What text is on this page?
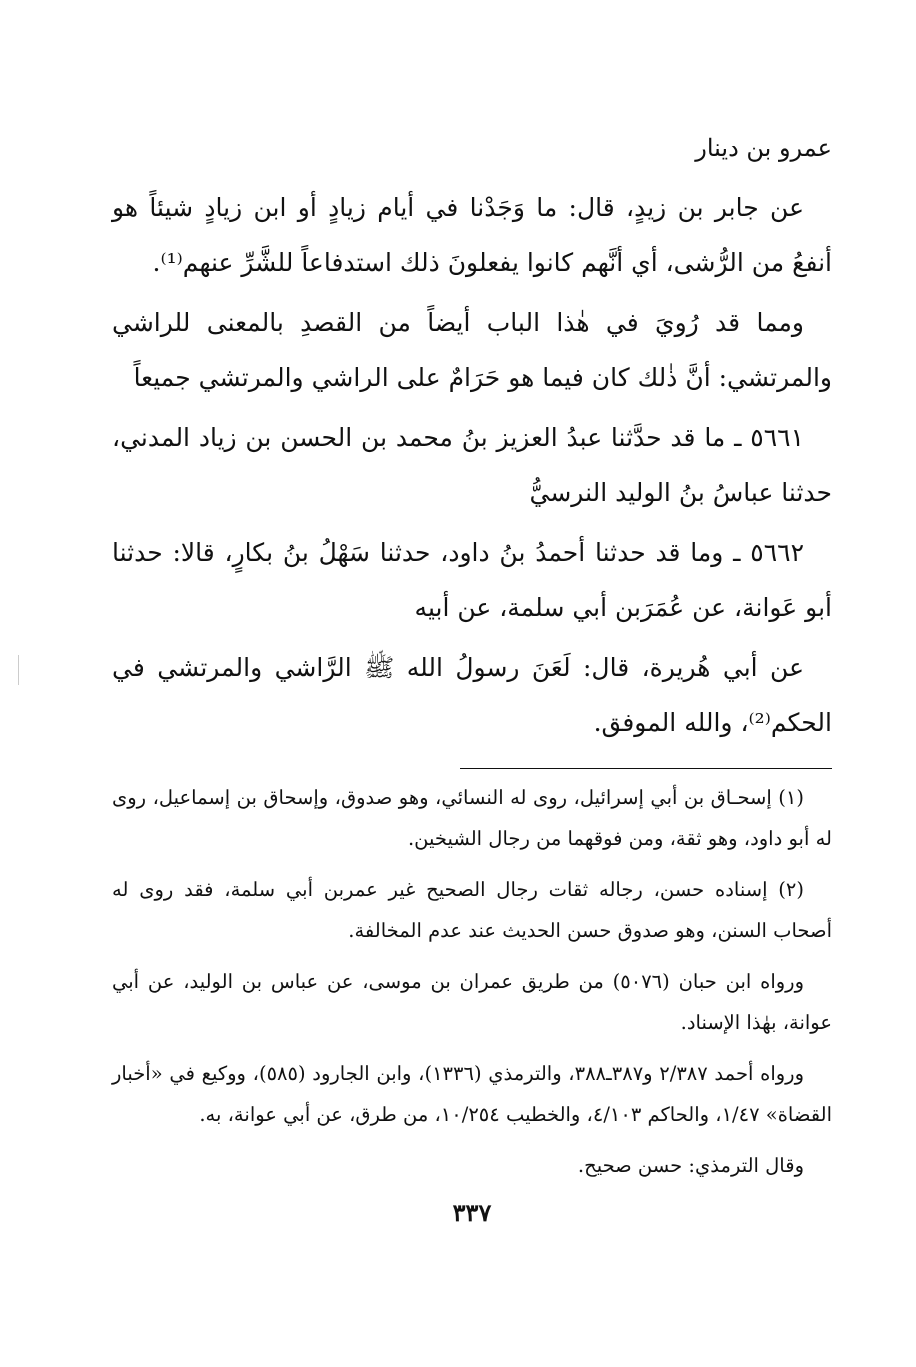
عمرو بن دينار

عن جابر بن زيدٍ، قال: ما وَجَدْنا في أيام زيادٍ أو ابن زيادٍ شيئاً هو أنفعُ من الرُّشى، أي أنَّهم كانوا يفعلونَ ذلك استدفاعاً للشَّرِّ عنهم⁽¹⁾.

ومما قد رُويَ في هٰذا الباب أيضاً من القصدِ بالمعنى للراشي والمرتشي: أنَّ ذٰلك كان فيما هو حَرَامٌ على الراشي والمرتشي جميعاً

٥٦٦١ ـ ما قد حدَّثنا عبدُ العزيز بنُ محمد بن الحسن بن زياد المدني، حدثنا عباسُ بنُ الوليد النرسيُّ

٥٦٦٢ ـ وما قد حدثنا أحمدُ بنُ داود، حدثنا سَهْلُ بنُ بكارٍ، قالا: حدثنا أبو عَوانة، عن عُمَرَبن أبي سلمة، عن أبيه

عن أبي هُريرة، قال: لَعَنَ رسولُ الله ﷺ الرَّاشي والمرتشي في الحكم⁽²⁾، والله الموفق.

(١) إسحـاق بن أبي إسرائيل، روى له النسائي، وهو صدوق، وإسحاق بن إسماعيل، روى له أبو داود، وهو ثقة، ومن فوقهما من رجال الشيخين.

(٢) إسناده حسن، رجاله ثقات رجال الصحيح غير عمربن أبي سلمة، فقد روى له أصحاب السنن، وهو صدوق حسن الحديث عند عدم المخالفة.

ورواه ابن حبان (٥٠٧٦) من طريق عمران بن موسى، عن عباس بن الوليد، عن أبي عوانة، بهٰذا الإسناد.

ورواه أحمد ٢/٣٨٧ و٣٨٧ـ٣٨٨، والترمذي (١٣٣٦)، وابن الجارود (٥٨٥)، ووكيع في «أخبار القضاة» ١/٤٧، والحاكم ٤/١٠٣، والخطيب ١٠/٢٥٤، من طرق، عن أبي عوانة، به.

وقال الترمذي: حسن صحيح.

٣٣٧
